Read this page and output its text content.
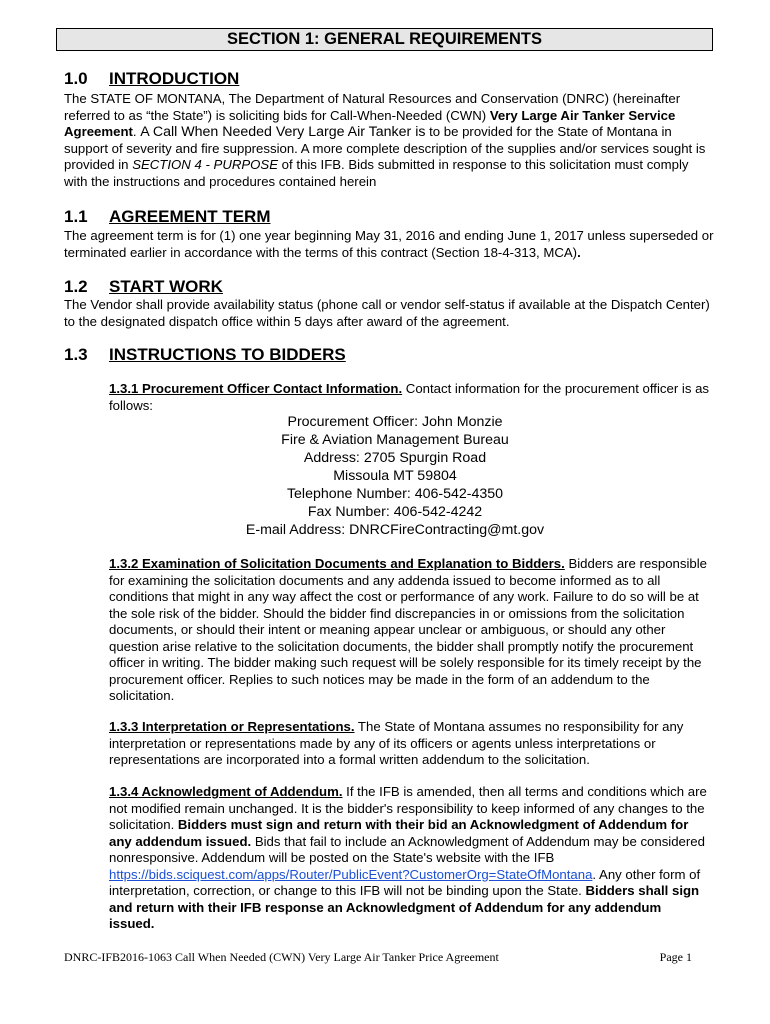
SECTION 1: GENERAL REQUIREMENTS
1.0 INTRODUCTION
The STATE OF MONTANA, The Department of Natural Resources and Conservation (DNRC) (hereinafter referred to as “the State”) is soliciting bids for Call-When-Needed (CWN) Very Large Air Tanker Service Agreement. A Call When Needed Very Large Air Tanker is to be provided for the State of Montana in support of severity and fire suppression. A more complete description of the supplies and/or services sought is provided in SECTION 4 - PURPOSE of this IFB. Bids submitted in response to this solicitation must comply with the instructions and procedures contained herein
1.1 AGREEMENT TERM
The agreement term is for (1) one year beginning May 31, 2016 and ending June 1, 2017 unless superseded or terminated earlier in accordance with the terms of this contract (Section 18-4-313, MCA).
1.2 START WORK
The Vendor shall provide availability status (phone call or vendor self-status if available at the Dispatch Center) to the designated dispatch office within 5 days after award of the agreement.
1.3 INSTRUCTIONS TO BIDDERS
1.3.1 Procurement Officer Contact Information. Contact information for the procurement officer is as follows:
Procurement Officer: John Monzie
Fire & Aviation Management Bureau
Address: 2705 Spurgin Road
Missoula MT 59804
Telephone Number: 406-542-4350
Fax Number: 406-542-4242
E-mail Address: DNRCFireContracting@mt.gov
1.3.2 Examination of Solicitation Documents and Explanation to Bidders. Bidders are responsible for examining the solicitation documents and any addenda issued to become informed as to all conditions that might in any way affect the cost or performance of any work. Failure to do so will be at the sole risk of the bidder. Should the bidder find discrepancies in or omissions from the solicitation documents, or should their intent or meaning appear unclear or ambiguous, or should any other question arise relative to the solicitation documents, the bidder shall promptly notify the procurement officer in writing. The bidder making such request will be solely responsible for its timely receipt by the procurement officer. Replies to such notices may be made in the form of an addendum to the solicitation.
1.3.3 Interpretation or Representations. The State of Montana assumes no responsibility for any interpretation or representations made by any of its officers or agents unless interpretations or representations are incorporated into a formal written addendum to the solicitation.
1.3.4 Acknowledgment of Addendum. If the IFB is amended, then all terms and conditions which are not modified remain unchanged. It is the bidder's responsibility to keep informed of any changes to the solicitation. Bidders must sign and return with their bid an Acknowledgment of Addendum for any addendum issued. Bids that fail to include an Acknowledgment of Addendum may be considered nonresponsive. Addendum will be posted on the State's website with the IFB https://bids.sciquest.com/apps/Router/PublicEvent?CustomerOrg=StateOfMontana. Any other form of interpretation, correction, or change to this IFB will not be binding upon the State. Bidders shall sign and return with their IFB response an Acknowledgment of Addendum for any addendum issued.
DNRC-IFB2016-1063 Call When Needed (CWN) Very Large Air Tanker Price Agreement	Page 1
